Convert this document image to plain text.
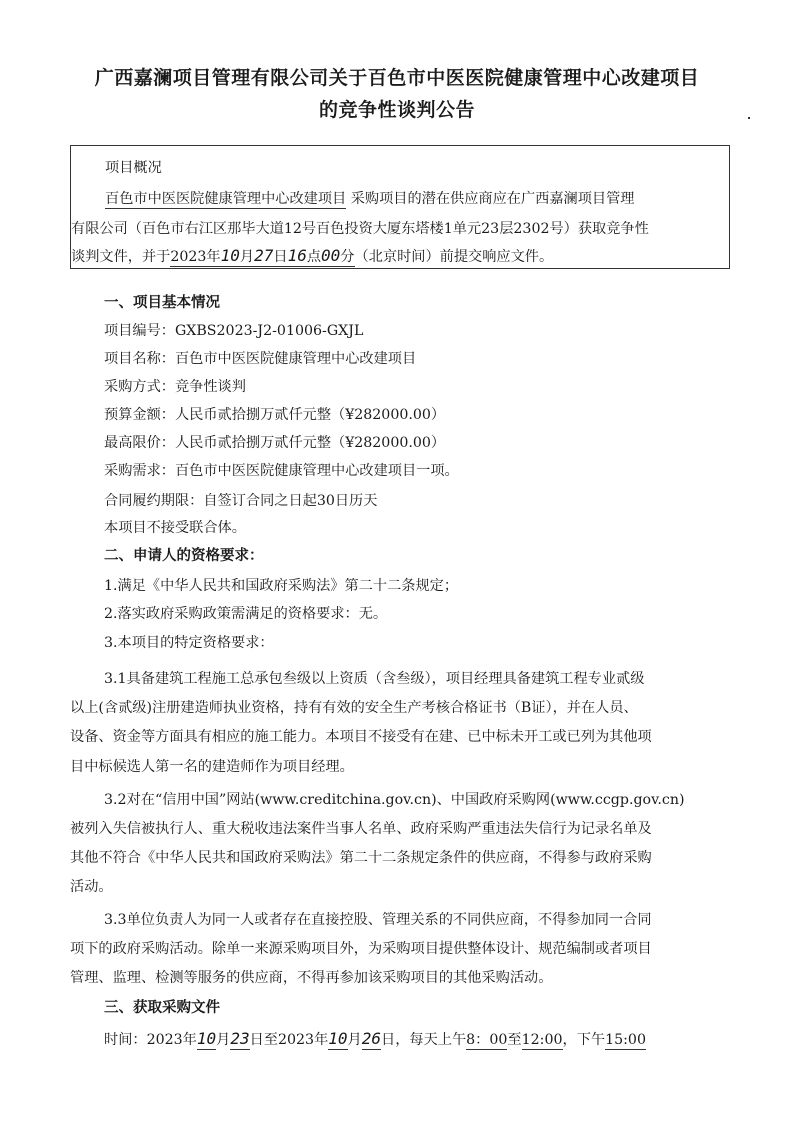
广西嘉澜项目管理有限公司关于百色市中医医院健康管理中心改建项目
的竞争性谈判公告
项目概况
百色市中医医院健康管理中心改建项目 采购项目的潜在供应商应在广西嘉澜项目管理
有限公司（百色市右江区那毕大道12号百色投资大厦东塔楼1单元23层2302号）获取竞争性
谈判文件，并于2023年10月27日16点00分（北京时间）前提交响应文件。
一、项目基本情况
项目编号：GXBS2023-J2-01006-GXJL
项目名称：百色市中医医院健康管理中心改建项目
采购方式：竞争性谈判
预算金额：人民币贰拾捌万贰仟元整（¥282000.00）
最高限价：人民币贰拾捌万贰仟元整（¥282000.00）
采购需求：百色市中医医院健康管理中心改建项目一项。
合同履约期限：自签订合同之日起30日历天
本项目不接受联合体。
二、申请人的资格要求：
1.满足《中华人民共和国政府采购法》第二十二条规定；
2.落实政府采购政策需满足的资格要求：无。
3.本项目的特定资格要求：
3.1具备建筑工程施工总承包叁级以上资质（含叁级），项目经理具备建筑工程专业贰级
以上(含贰级)注册建造师执业资格，持有有效的安全生产考核合格证书（B证），并在人员、
设备、资金等方面具有相应的施工能力。本项目不接受有在建、已中标未开工或已列为其他项
目中标候选人第一名的建造师作为项目经理。
3.2对在“信用中国”网站(www.creditchina.gov.cn)、中国政府采购网(www.ccgp.gov.cn)
被列入失信被执行人、重大税收违法案件当事人名单、政府采购严重违法失信行为记录名单及
其他不符合《中华人民共和国政府采购法》第二十二条规定条件的供应商，不得参与政府采购
活动。
3.3单位负责人为同一人或者存在直接控股、管理关系的不同供应商，不得参加同一合同
项下的政府采购活动。除单一来源采购项目外，为采购项目提供整体设计、规范编制或者项目
管理、监理、检测等服务的供应商，不得再参加该采购项目的其他采购活动。
三、获取采购文件
时间：2023年10月23日至2023年10月26日，每天上午8：00至12:00，下午15:00
